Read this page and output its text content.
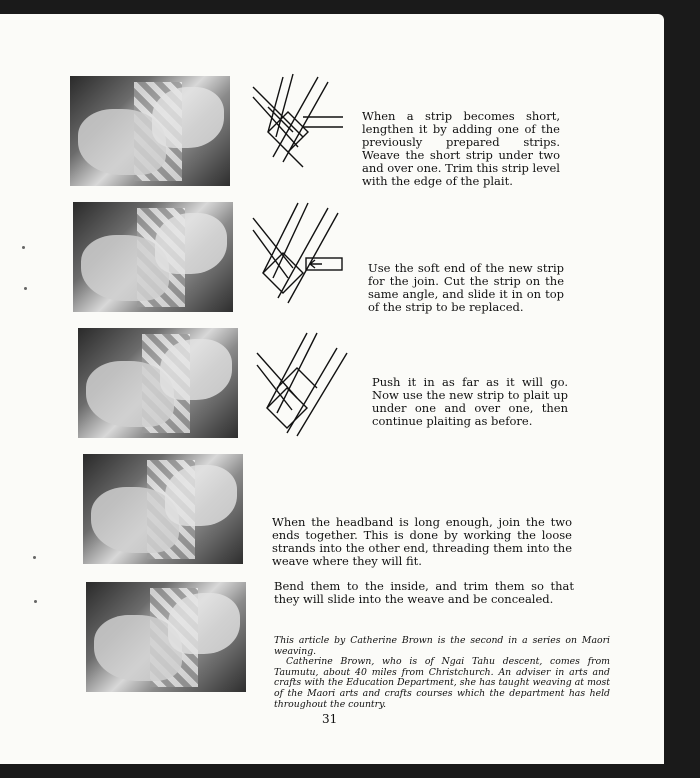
When a strip becomes short, lengthen it by adding one of the previously prepared strips. Weave the short strip under two and over one. Trim this strip level with the edge of the plait.
Use the soft end of the new strip for the join. Cut the strip on the same angle, and slide it in on top of the strip to be replaced.
Push it in as far as it will go. Now use the new strip to plait up under one and over one, then continue plaiting as before.
When the headband is long enough, join the two ends together. This is done by working the loose strands into the other end, threading them into the weave where they will fit.
Bend them to the inside, and trim them so that they will slide into the weave and be concealed.

This article by Catherine Brown is the second in a series on Maori weaving.

Catherine Brown, who is of Ngai Tahu descent, comes from Taumutu, about 40 miles from Christchurch. An adviser in arts and crafts with the Education Department, she has taught weaving at most of the Maori arts and crafts courses which the department has held throughout the country.

31
